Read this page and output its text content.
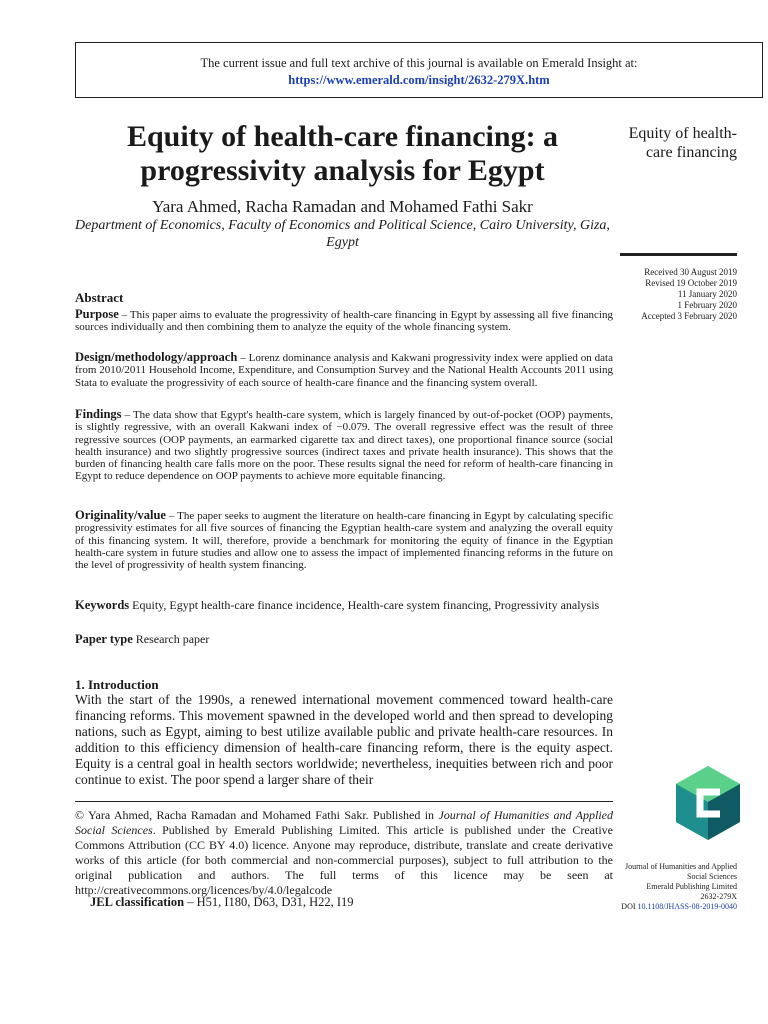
The current issue and full text archive of this journal is available on Emerald Insight at:
https://www.emerald.com/insight/2632-279X.htm
Equity of health-care financing: a progressivity analysis for Egypt
Yara Ahmed, Racha Ramadan and Mohamed Fathi Sakr
Department of Economics, Faculty of Economics and Political Science, Cairo University, Giza, Egypt
Equity of health-care financing
Received 30 August 2019
Revised 19 October 2019
11 January 2020
1 February 2020
Accepted 3 February 2020
Abstract
Purpose – This paper aims to evaluate the progressivity of health-care financing in Egypt by assessing all five financing sources individually and then combining them to analyze the equity of the whole financing system.
Design/methodology/approach – Lorenz dominance analysis and Kakwani progressivity index were applied on data from 2010/2011 Household Income, Expenditure, and Consumption Survey and the National Health Accounts 2011 using Stata to evaluate the progressivity of each source of health-care finance and the financing system overall.
Findings – The data show that Egypt's health-care system, which is largely financed by out-of-pocket (OOP) payments, is slightly regressive, with an overall Kakwani index of −0.079. The overall regressive effect was the result of three regressive sources (OOP payments, an earmarked cigarette tax and direct taxes), one proportional finance source (social health insurance) and two slightly progressive sources (indirect taxes and private health insurance). This shows that the burden of financing health care falls more on the poor. These results signal the need for reform of health-care financing in Egypt to reduce dependence on OOP payments to achieve more equitable financing.
Originality/value – The paper seeks to augment the literature on health-care financing in Egypt by calculating specific progressivity estimates for all five sources of financing the Egyptian health-care system and analyzing the overall equity of this financing system. It will, therefore, provide a benchmark for monitoring the equity of finance in the Egyptian health-care system in future studies and allow one to assess the impact of implemented financing reforms in the future on the level of progressivity of health system financing.
Keywords Equity, Egypt health-care finance incidence, Health-care system financing, Progressivity analysis
Paper type Research paper
1. Introduction
With the start of the 1990s, a renewed international movement commenced toward health-care financing reforms. This movement spawned in the developed world and then spread to developing nations, such as Egypt, aiming to best utilize available public and private health-care resources. In addition to this efficiency dimension of health-care financing reform, there is the equity aspect. Equity is a central goal in health sectors worldwide; nevertheless, inequities between rich and poor continue to exist. The poor spend a larger share of their
© Yara Ahmed, Racha Ramadan and Mohamed Fathi Sakr. Published in Journal of Humanities and Applied Social Sciences. Published by Emerald Publishing Limited. This article is published under the Creative Commons Attribution (CC BY 4.0) licence. Anyone may reproduce, distribute, translate and create derivative works of this article (for both commercial and non-commercial purposes), subject to full attribution to the original publication and authors. The full terms of this licence may be seen at http://creativecommons.org/licences/by/4.0/legalcode
JEL classification – H51, I180, D63, D31, H22, I19
Journal of Humanities and Applied Social Sciences
Emerald Publishing Limited
2632-279X
DOI 10.1108/JHASS-08-2019-0040
